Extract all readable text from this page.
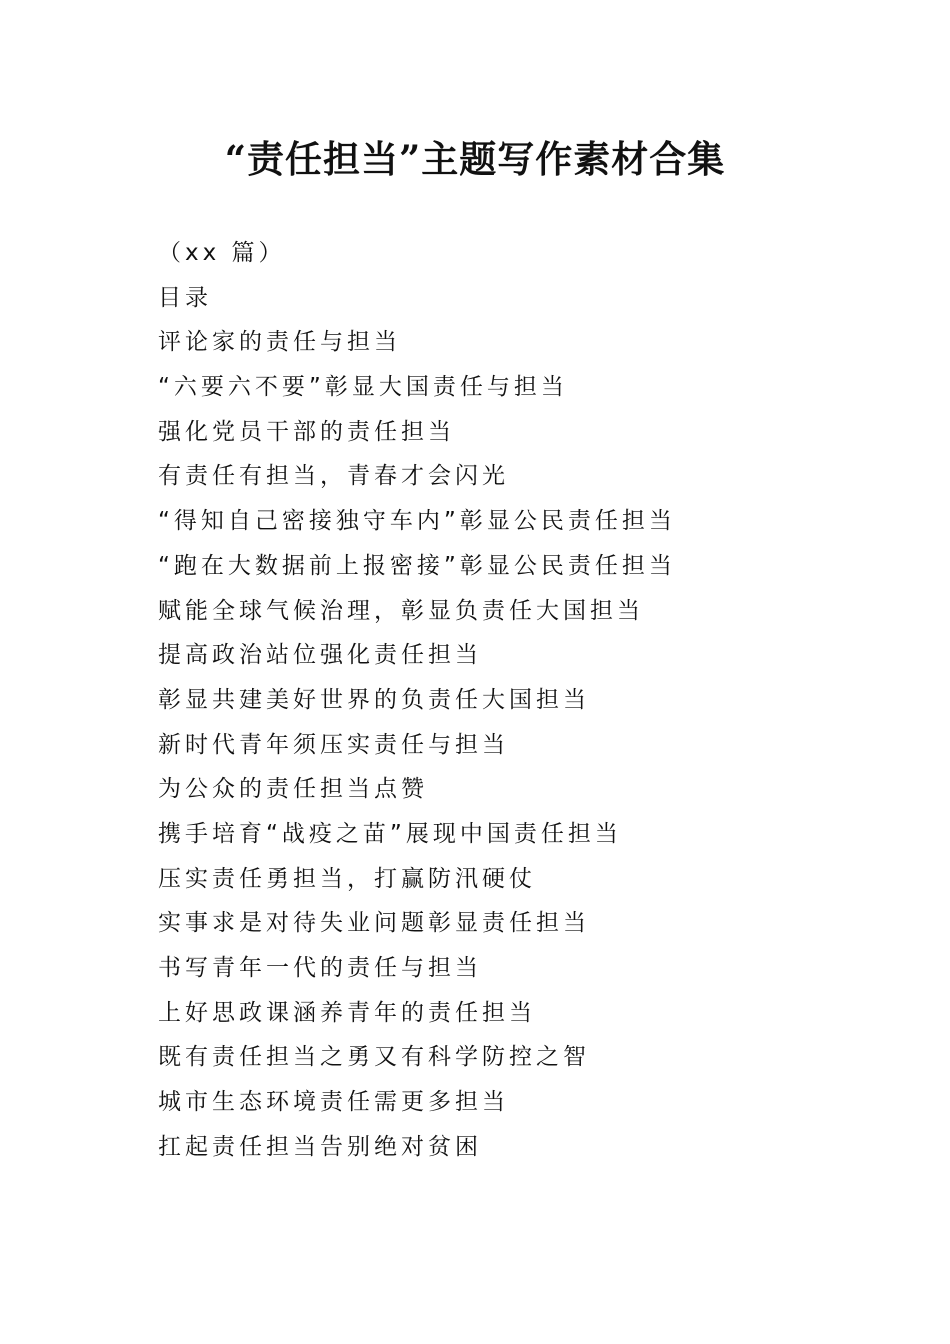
“责任担当”主题写作素材合集
（xx 篇）
目录
评论家的责任与担当
“六要六不要”彰显大国责任与担当
强化党员干部的责任担当
有责任有担当，青春才会闪光
“得知自己密接独守车内”彰显公民责任担当
“跑在大数据前上报密接”彰显公民责任担当
赋能全球气候治理，彰显负责任大国担当
提高政治站位强化责任担当
彰显共建美好世界的负责任大国担当
新时代青年须压实责任与担当
为公众的责任担当点赞
携手培育“战疫之苗”展现中国责任担当
压实责任勇担当，打赢防汛硬仗
实事求是对待失业问题彰显责任担当
书写青年一代的责任与担当
上好思政课涵养青年的责任担当
既有责任担当之勇又有科学防控之智
城市生态环境责任需更多担当
扛起责任担当告别绝对贫困
